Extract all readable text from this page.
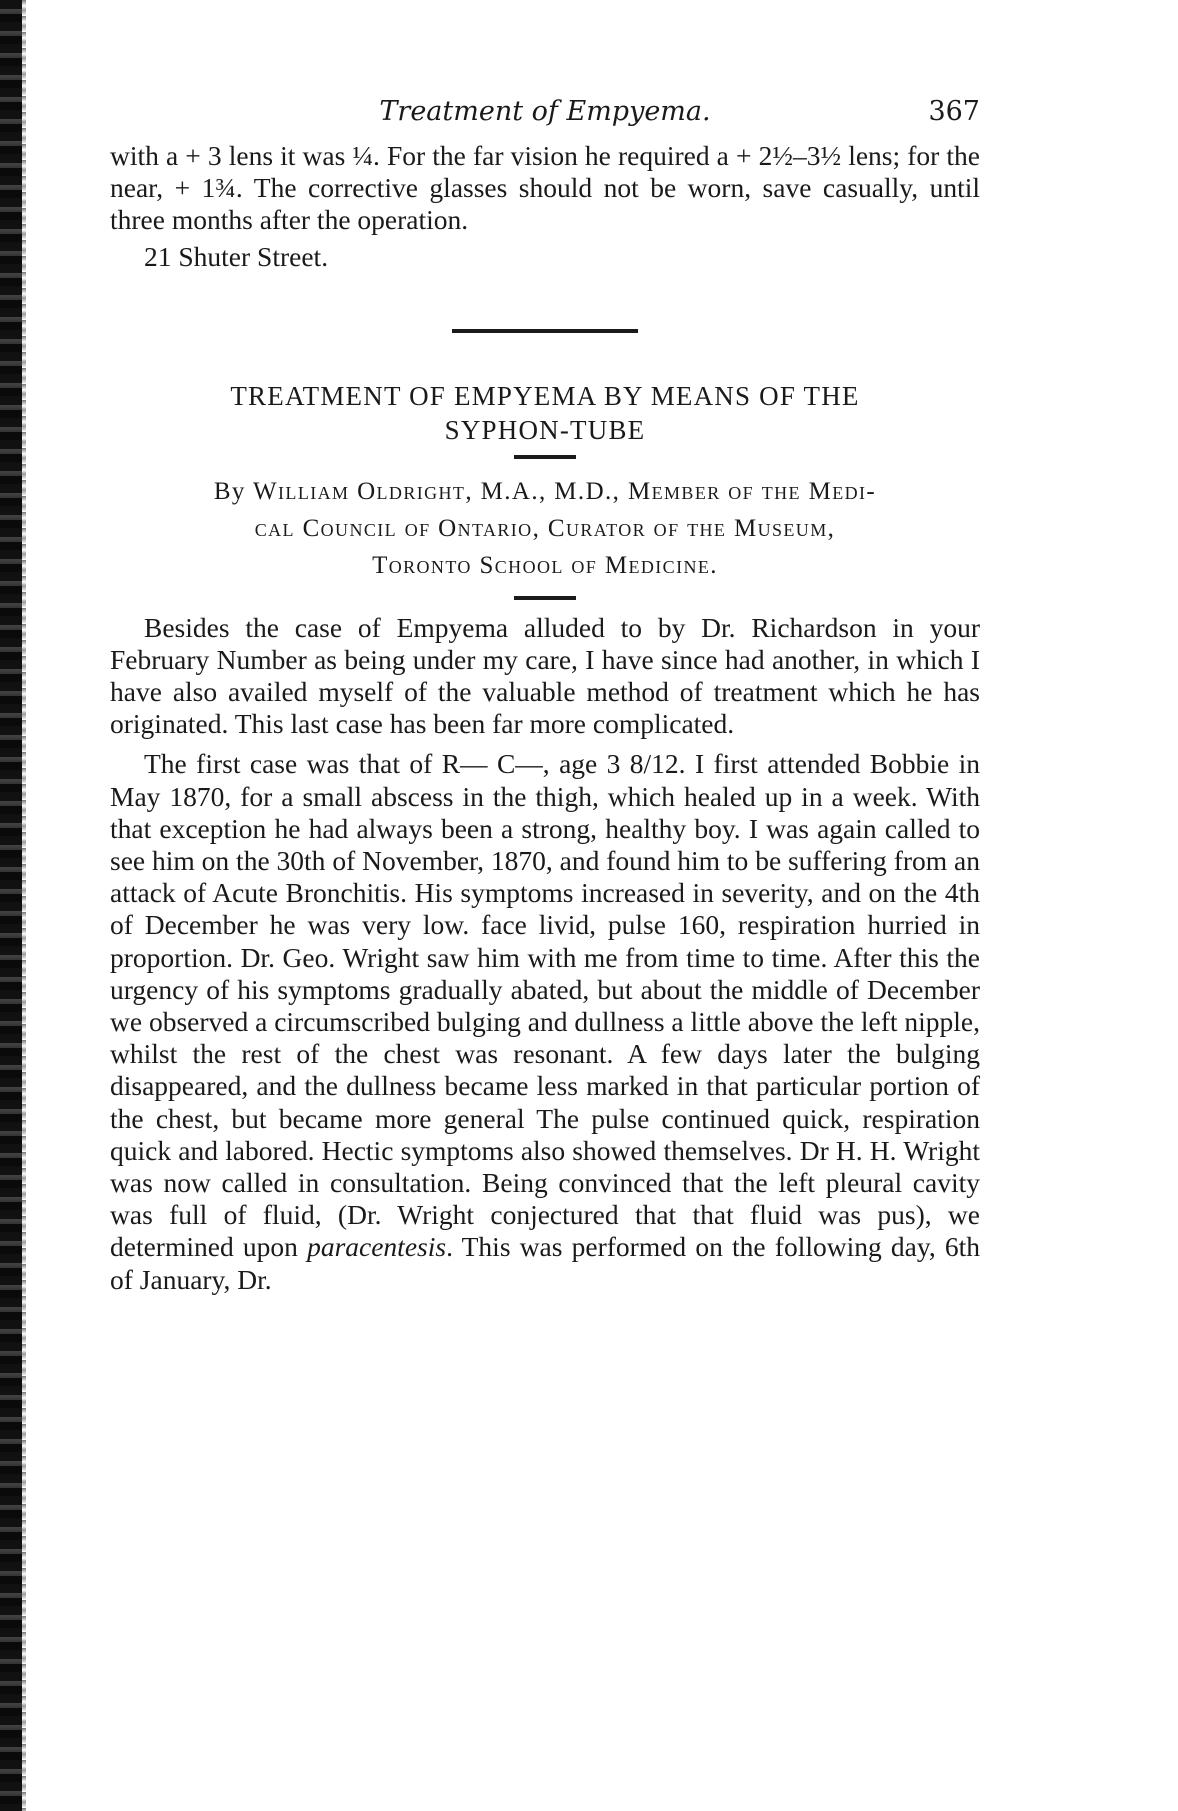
Treatment of Empyema.	367

with a + 3 lens it was ¼. For the far vision he required a + 2½–3½ lens; for the near, + 1¾. The corrective glasses should not be worn, save casually, until three months after the operation.

21 Shuter Street.
TREATMENT OF EMPYEMA BY MEANS OF THE
SYPHON-TUBE
By William Oldright, M.A., M.D., Member of the Medi-
cal Council of Ontario, Curator of the Museum,
Toronto School of Medicine.

Besides the case of Empyema alluded to by Dr. Richardson in your February Number as being under my care, I have since had another, in which I have also availed myself of the valuable method of treatment which he has originated. This last case has been far more complicated.

The first case was that of R— C—, age 3 8/12. I first attended Bobbie in May 1870, for a small abscess in the thigh, which healed up in a week. With that exception he had always been a strong, healthy boy. I was again called to see him on the 30th of November, 1870, and found him to be suffering from an attack of Acute Bronchitis. His symptoms increased in severity, and on the 4th of December he was very low. face livid, pulse 160, respiration hurried in proportion. Dr. Geo. Wright saw him with me from time to time. After this the urgency of his symptoms gradually abated, but about the middle of December we observed a circumscribed bulging and dullness a little above the left nipple, whilst the rest of the chest was resonant. A few days later the bulging disappeared, and the dullness became less marked in that particular portion of the chest, but became more general The pulse continued quick, respiration quick and labored. Hectic symptoms also showed themselves. Dr H. H. Wright was now called in consultation. Being convinced that the left pleural cavity was full of fluid, (Dr. Wright conjectured that that fluid was pus), we determined upon paracentesis. This was performed on the following day, 6th of January, Dr.
